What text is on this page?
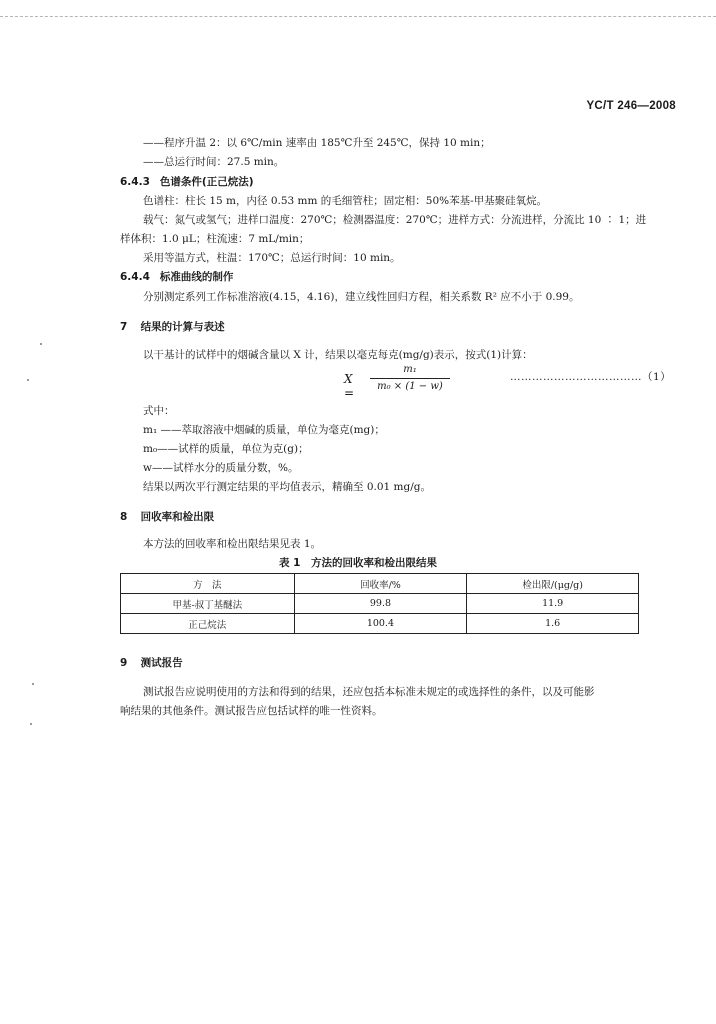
YC/T 246—2008
——程序升温 2：以 6℃/min 速率由 185℃升至 245℃，保持 10 min；
——总运行时间：27.5 min。
6.4.3 色谱条件(正己烷法)
色谱柱：柱长 15 m，内径 0.53 mm 的毛细管柱；固定相：50%苯基-甲基聚硅氧烷。
载气：氮气或氢气；进样口温度：270℃；检测器温度：270℃；进样方式：分流进样，分流比 10 ∶ 1；进
样体积：1.0 μL；柱流速：7 mL/min；
采用等温方式，柱温：170℃；总运行时间：10 min。
6.4.4 标准曲线的制作
分别测定系列工作标准溶液(4.15，4.16)，建立线性回归方程，相关系数 R² 应不小于 0.99。
7 结果的计算与表述
以干基计的试样中的烟碱含量以 X 计，结果以毫克每克(mg/g)表示，按式(1)计算：
X =
m₁
m₀ × (1 − w)
………………………………（1）
式中：
m₁ ——萃取溶液中烟碱的质量，单位为毫克(mg)；
m₀——试样的质量，单位为克(g)；
w——试样水分的质量分数，%。
结果以两次平行测定结果的平均值表示，精确至 0.01 mg/g。
8 回收率和检出限
本方法的回收率和检出限结果见表 1。
表 1　方法的回收率和检出限结果
方　法	回收率/%	检出限/(μg/g)
甲基-叔丁基醚法	99.8	11.9
正己烷法	100.4	1.6
9 测试报告
测试报告应说明使用的方法和得到的结果，还应包括本标准未规定的或选择性的条件，以及可能影
响结果的其他条件。测试报告应包括试样的唯一性资料。
